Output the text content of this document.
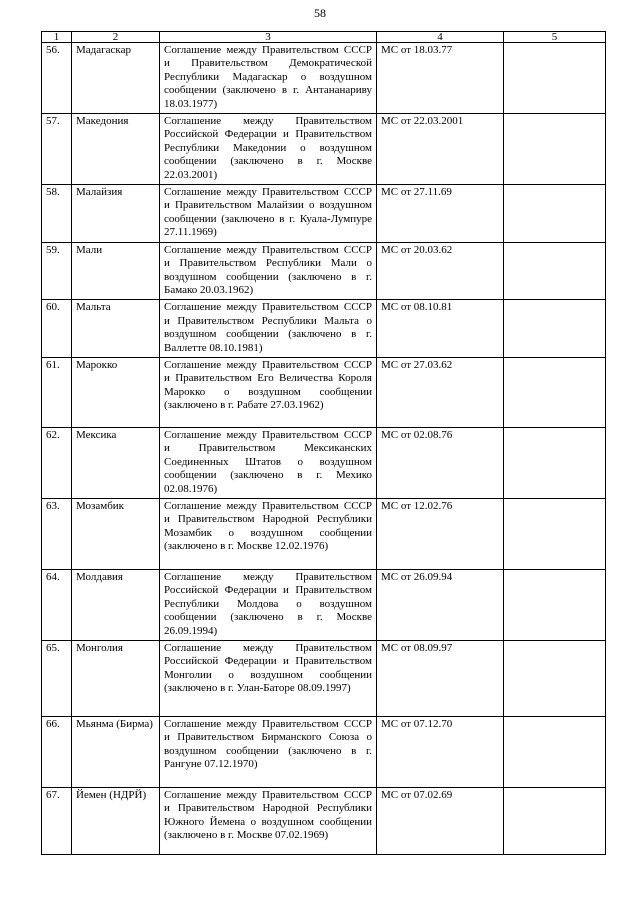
58
1	2	3	4	5
56.	Мадагаскар	Соглашение между Правительством СССР и Правительством Демократической Республики Мадагаскар о воздушном сообщении (заключено в г. Антананариву 18.03.1977)	МС от 18.03.77	
57.	Македония	Соглашение между Правительством Российской Федерации и Правительством Республики Македонии о воздушном сообщении (заключено в г. Москве 22.03.2001)	МС от 22.03.2001	
58.	Малайзия	Соглашение между Правительством СССР и Правительством Малайзии о воздушном сообщении (заключено в г. Куала-Лумпуре 27.11.1969)	МС от 27.11.69	
59.	Мали	Соглашение между Правительством СССР и Правительством Республики Мали о воздушном сообщении (заключено в г. Бамако 20.03.1962)	МС от 20.03.62	
60.	Мальта	Соглашение между Правительством СССР и Правительством Республики Мальта о воздушном сообщении (заключено в г. Валлетте 08.10.1981)	МС от 08.10.81	
61.	Марокко	Соглашение между Правительством СССР и Правительством Его Величества Короля Марокко о воздушном сообщении (заключено в г. Рабате 27.03.1962)	МС от 27.03.62	
62.	Мексика	Соглашение между Правительством СССР и Правительством Мексиканских Соединенных Штатов о воздушном сообщении (заключено в г. Мехико 02.08.1976)	МС от 02.08.76	
63.	Мозамбик	Соглашение между Правительством СССР и Правительством Народной Республики Мозамбик о воздушном сообщении (заключено в г. Москве 12.02.1976)	МС от 12.02.76	
64.	Молдавия	Соглашение между Правительством Российской Федерации и Правительством Республики Молдова о воздушном сообщении (заключено в г. Москве 26.09.1994)	МС от 26.09.94	
65.	Монголия	Соглашение между Правительством Российской Федерации и Правительством Монголии о воздушном сообщении (заключено в г. Улан-Баторе 08.09.1997)	МС от 08.09.97	
66.	Мьянма (Бирма)	Соглашение между Правительством СССР и Правительством Бирманского Союза о воздушном сообщении (заключено в г. Рангуне 07.12.1970)	МС от 07.12.70	
67.	Йемен (НДРЙ)	Соглашение между Правительством СССР и Правительством Народной Республики Южного Йемена о воздушном сообщении (заключено в г. Москве 07.02.1969)	МС от 07.02.69	
